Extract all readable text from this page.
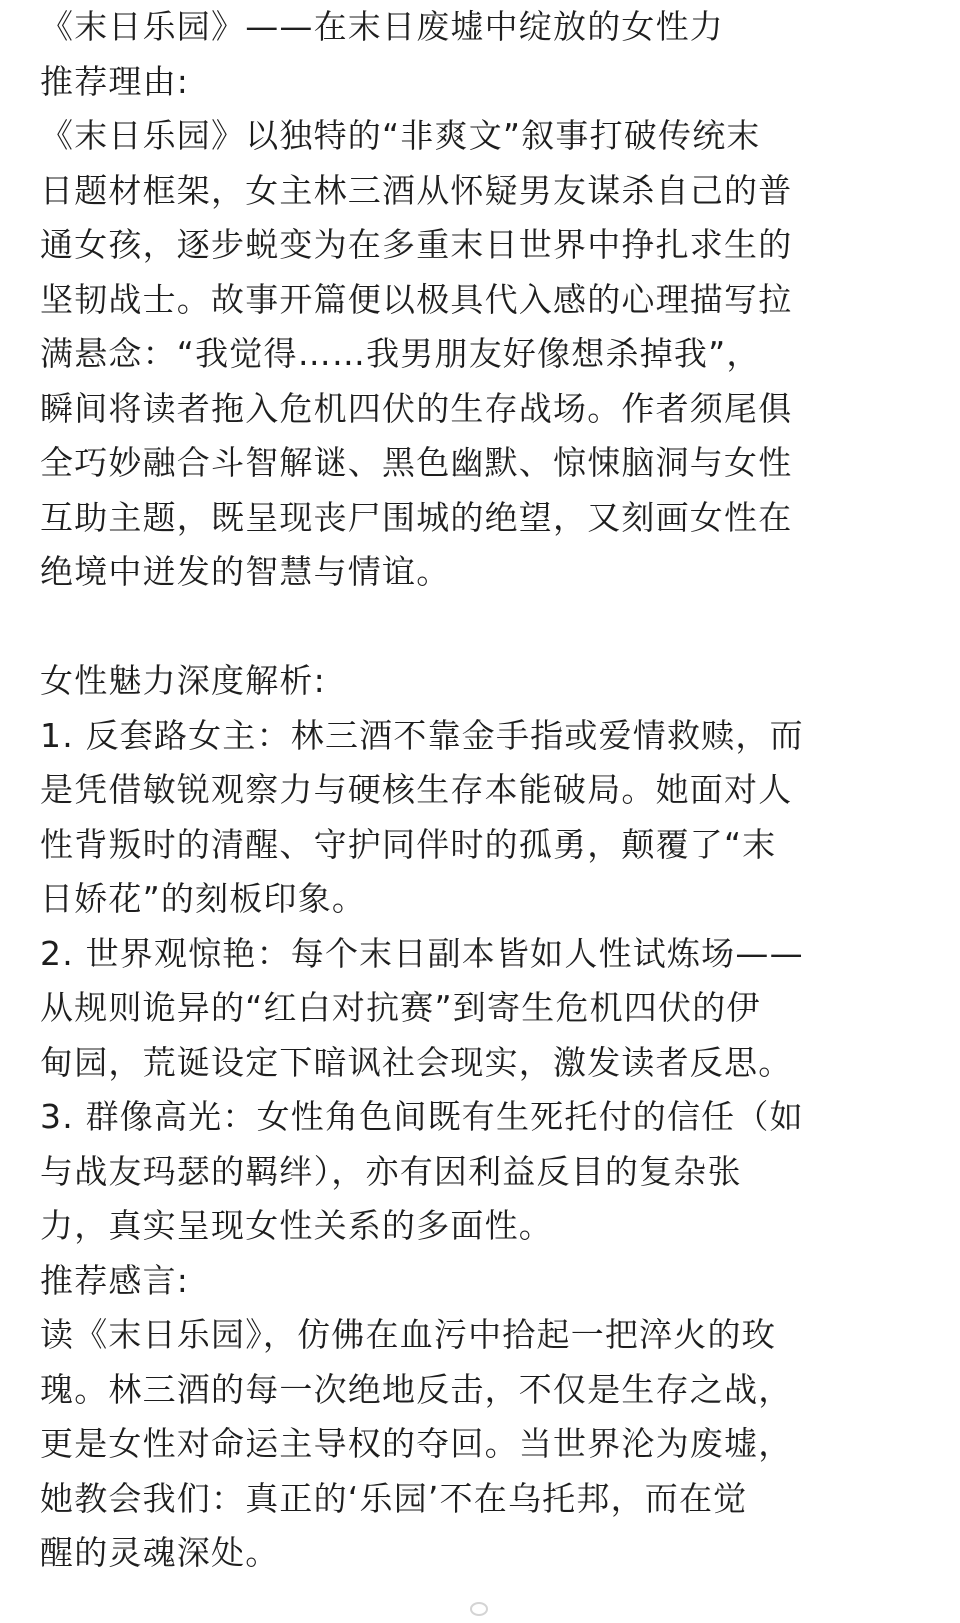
《末日乐园》——在末日废墟中绽放的女性力
推荐理由:
《末日乐园》以独特的“非爽文”叙事打破传统末
日题材框架，女主林三酒从怀疑男友谋杀自己的普
通女孩，逐步蜕变为在多重末日世界中挣扎求生的
坚韧战士。故事开篇便以极具代入感的心理描写拉
满悬念：“我觉得……我男朋友好像想杀掉我”，
瞬间将读者拖入危机四伏的生存战场。作者须尾俱
全巧妙融合斗智解谜、黑色幽默、惊悚脑洞与女性
互助主题，既呈现丧尸围城的绝望，又刻画女性在
绝境中迸发的智慧与情谊。
女性魅力深度解析:
1. 反套路女主：林三酒不靠金手指或爱情救赎，而
是凭借敏锐观察力与硬核生存本能破局。她面对人
性背叛时的清醒、守护同伴时的孤勇，颠覆了“末
日娇花”的刻板印象。
2. 世界观惊艳：每个末日副本皆如人性试炼场——
从规则诡异的“红白对抗赛”到寄生危机四伏的伊
甸园，荒诞设定下暗讽社会现实，激发读者反思。
3. 群像高光：女性角色间既有生死托付的信任（如
与战友玛瑟的羁绊），亦有因利益反目的复杂张
力，真实呈现女性关系的多面性。
推荐感言:
读《末日乐园》，仿佛在血污中拾起一把淬火的玫
瑰。林三酒的每一次绝地反击，不仅是生存之战，
更是女性对命运主导权的夺回。当世界沦为废墟，
她教会我们：真正的‘乐园’不在乌托邦，而在觉
醒的灵魂深处。
